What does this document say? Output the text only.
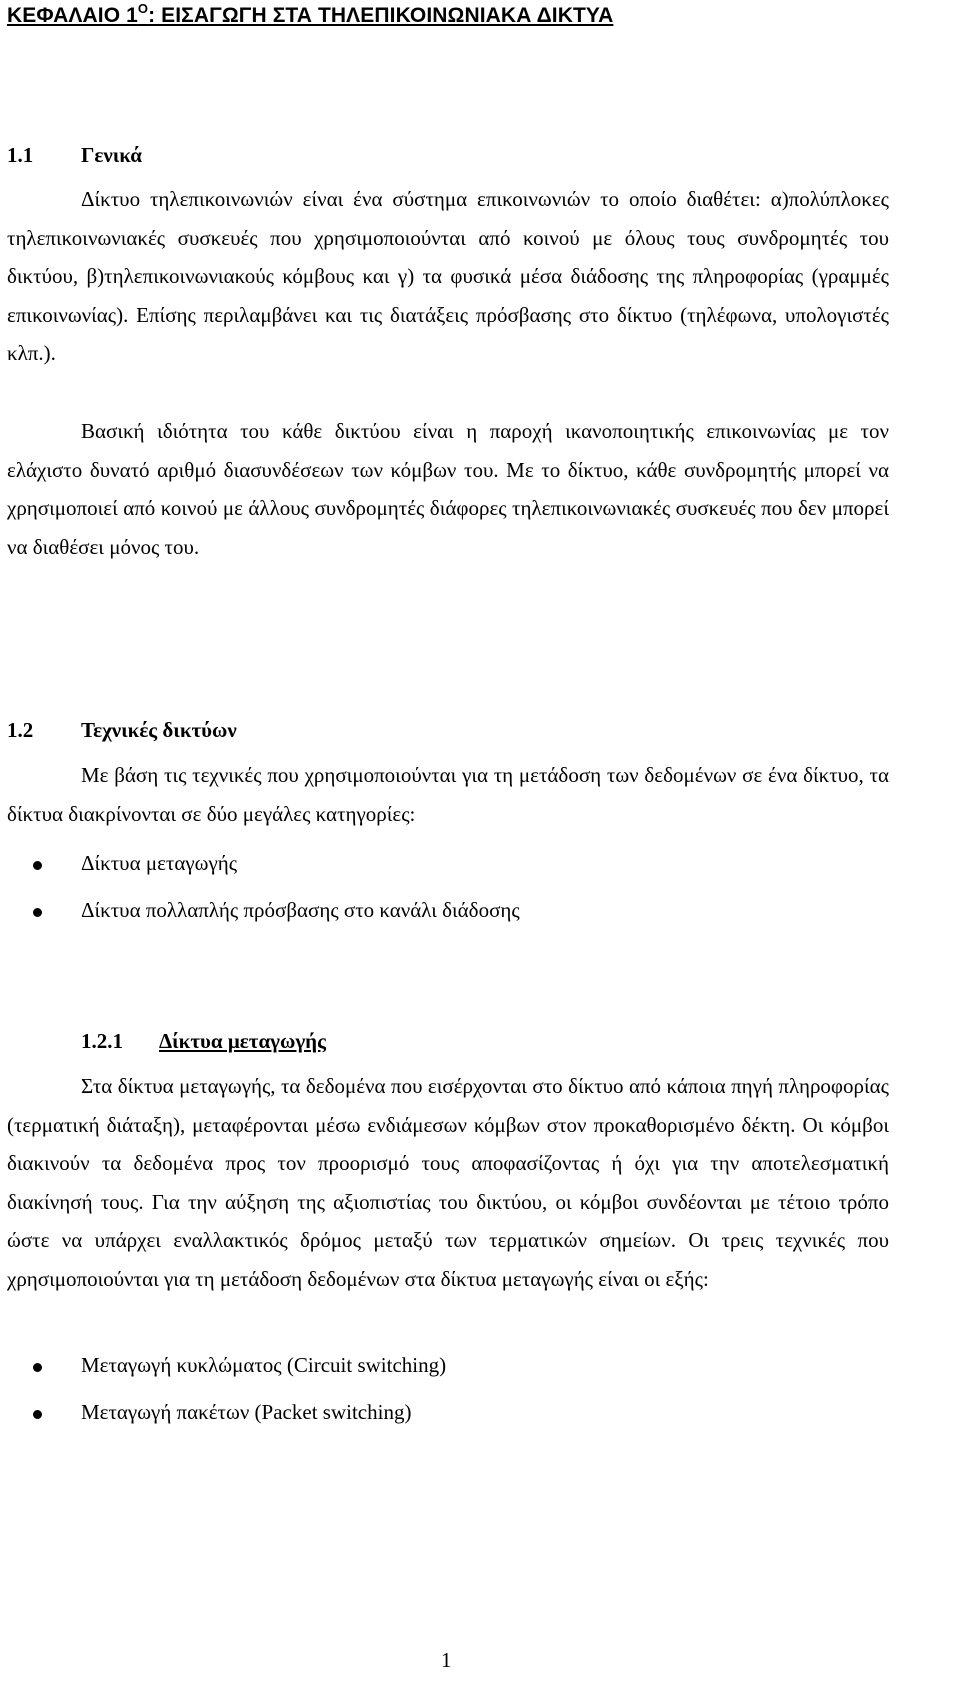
ΚΕΦΑΛΑΙΟ $1^O$: ΕΙΣΑΓΩΓΗ ΣΤΑ ΤΗΛΕΠΙΚΟΙΝΩΝΙΑΚΑ ΔΙΚΤΥΑ
1.1 Γενικά

Δίκτυο τηλεπικοινωνιών είναι ένα σύστημα επικοινωνιών το οποίο διαθέτει: α)πολύπλοκες τηλεπικοινωνιακές συσκευές που χρησιμοποιούνται από κοινού με όλους τους συνδρομητές του δικτύου, β)τηλεπικοινωνιακούς κόμβους και γ) τα φυσικά μέσα διάδοσης της πληροφορίας (γραμμές επικοινωνίας). Επίσης περιλαμβάνει και τις διατάξεις πρόσβασης στο δίκτυο (τηλέφωνα, υπολογιστές κλπ.).

Βασική ιδιότητα του κάθε δικτύου είναι η παροχή ικανοποιητικής επικοινωνίας με τον ελάχιστο δυνατό αριθμό διασυνδέσεων των κόμβων του. Με το δίκτυο, κάθε συνδρομητής μπορεί να χρησιμοποιεί από κοινού με άλλους συνδρομητές διάφορες τηλεπικοινωνιακές συσκευές που δεν μπορεί να διαθέσει μόνος του.

1.2 Τεχνικές δικτύων

Με βάση τις τεχνικές που χρησιμοποιούνται για τη μετάδοση των δεδομένων σε ένα δίκτυο, τα δίκτυα διακρίνονται σε δύο μεγάλες κατηγορίες:

Δίκτυα μεταγωγής
Δίκτυα πολλαπλής πρόσβασης στο κανάλι διάδοσης
1.2.1 Δίκτυα μεταγωγής

Στα δίκτυα μεταγωγής, τα δεδομένα που εισέρχονται στο δίκτυο από κάποια πηγή πληροφορίας (τερματική διάταξη), μεταφέρονται μέσω ενδιάμεσων κόμβων στον προκαθορισμένο δέκτη. Οι κόμβοι διακινούν τα δεδομένα προς τον προορισμό τους αποφασίζοντας ή όχι για την αποτελεσματική διακίνησή τους. Για την αύξηση της αξιοπιστίας του δικτύου, οι κόμβοι συνδέονται με τέτοιο τρόπο ώστε να υπάρχει εναλλακτικός δρόμος μεταξύ των τερματικών σημείων. Οι τρεις τεχνικές που χρησιμοποιούνται για τη μετάδοση δεδομένων στα δίκτυα μεταγωγής είναι οι εξής:

Μεταγωγή κυκλώματος (Circuit switching)
Μεταγωγή πακέτων (Packet switching)
1
